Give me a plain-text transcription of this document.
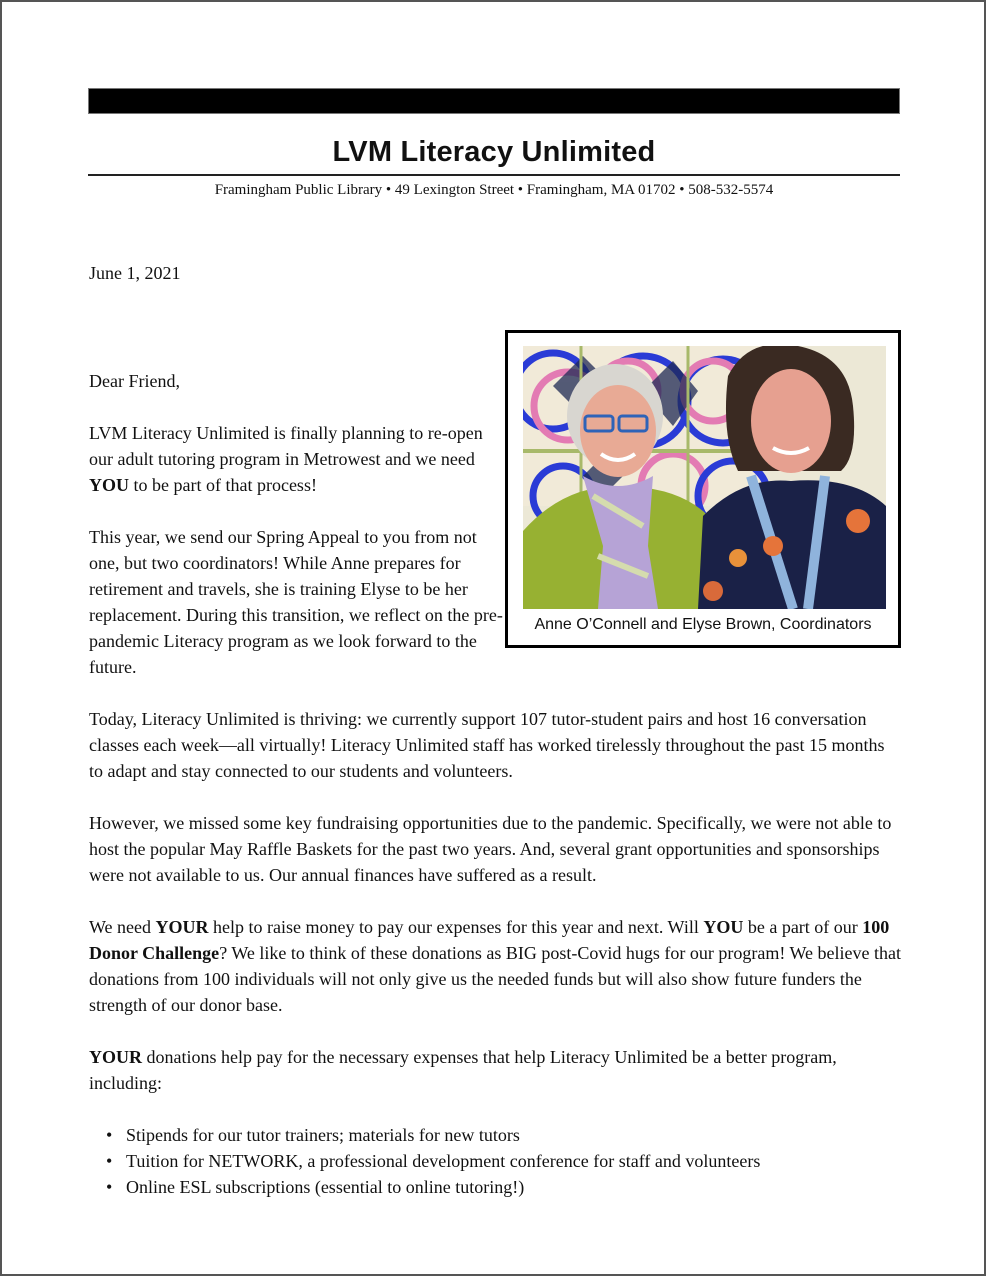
LVM Literacy Unlimited
Framingham Public Library • 49 Lexington Street • Framingham, MA 01702 • 508-532-5574
June 1, 2021

Dear Friend,

LVM Literacy Unlimited is finally planning to re-open our adult tutoring program in Metrowest and we need YOU to be part of that process!

This year, we send our Spring Appeal to you from not one, but two coordinators! While Anne prepares for retirement and travels, she is training Elyse to be her replacement. During this transition, we reflect on the pre-pandemic Literacy program as we look forward to the future.

Anne O’Connell and Elyse Brown, Coordinators

Today, Literacy Unlimited is thriving: we currently support 107 tutor-student pairs and host 16 conversation classes each week—all virtually! Literacy Unlimited staff has worked tirelessly throughout the past 15 months to adapt and stay connected to our students and volunteers.

However, we missed some key fundraising opportunities due to the pandemic. Specifically, we were not able to host the popular May Raffle Baskets for the past two years. And, several grant opportunities and sponsorships were not available to us. Our annual finances have suffered as a result.

We need YOUR help to raise money to pay our expenses for this year and next. Will YOU be a part of our 100 Donor Challenge? We like to think of these donations as BIG post-Covid hugs for our program! We believe that donations from 100 individuals will not only give us the needed funds but will also show future funders the strength of our donor base.

YOUR donations help pay for the necessary expenses that help Literacy Unlimited be a better program, including:

• Stipends for our tutor trainers; materials for new tutors
• Tuition for NETWORK, a professional development conference for staff and volunteers
• Online ESL subscriptions (essential to online tutoring!)
